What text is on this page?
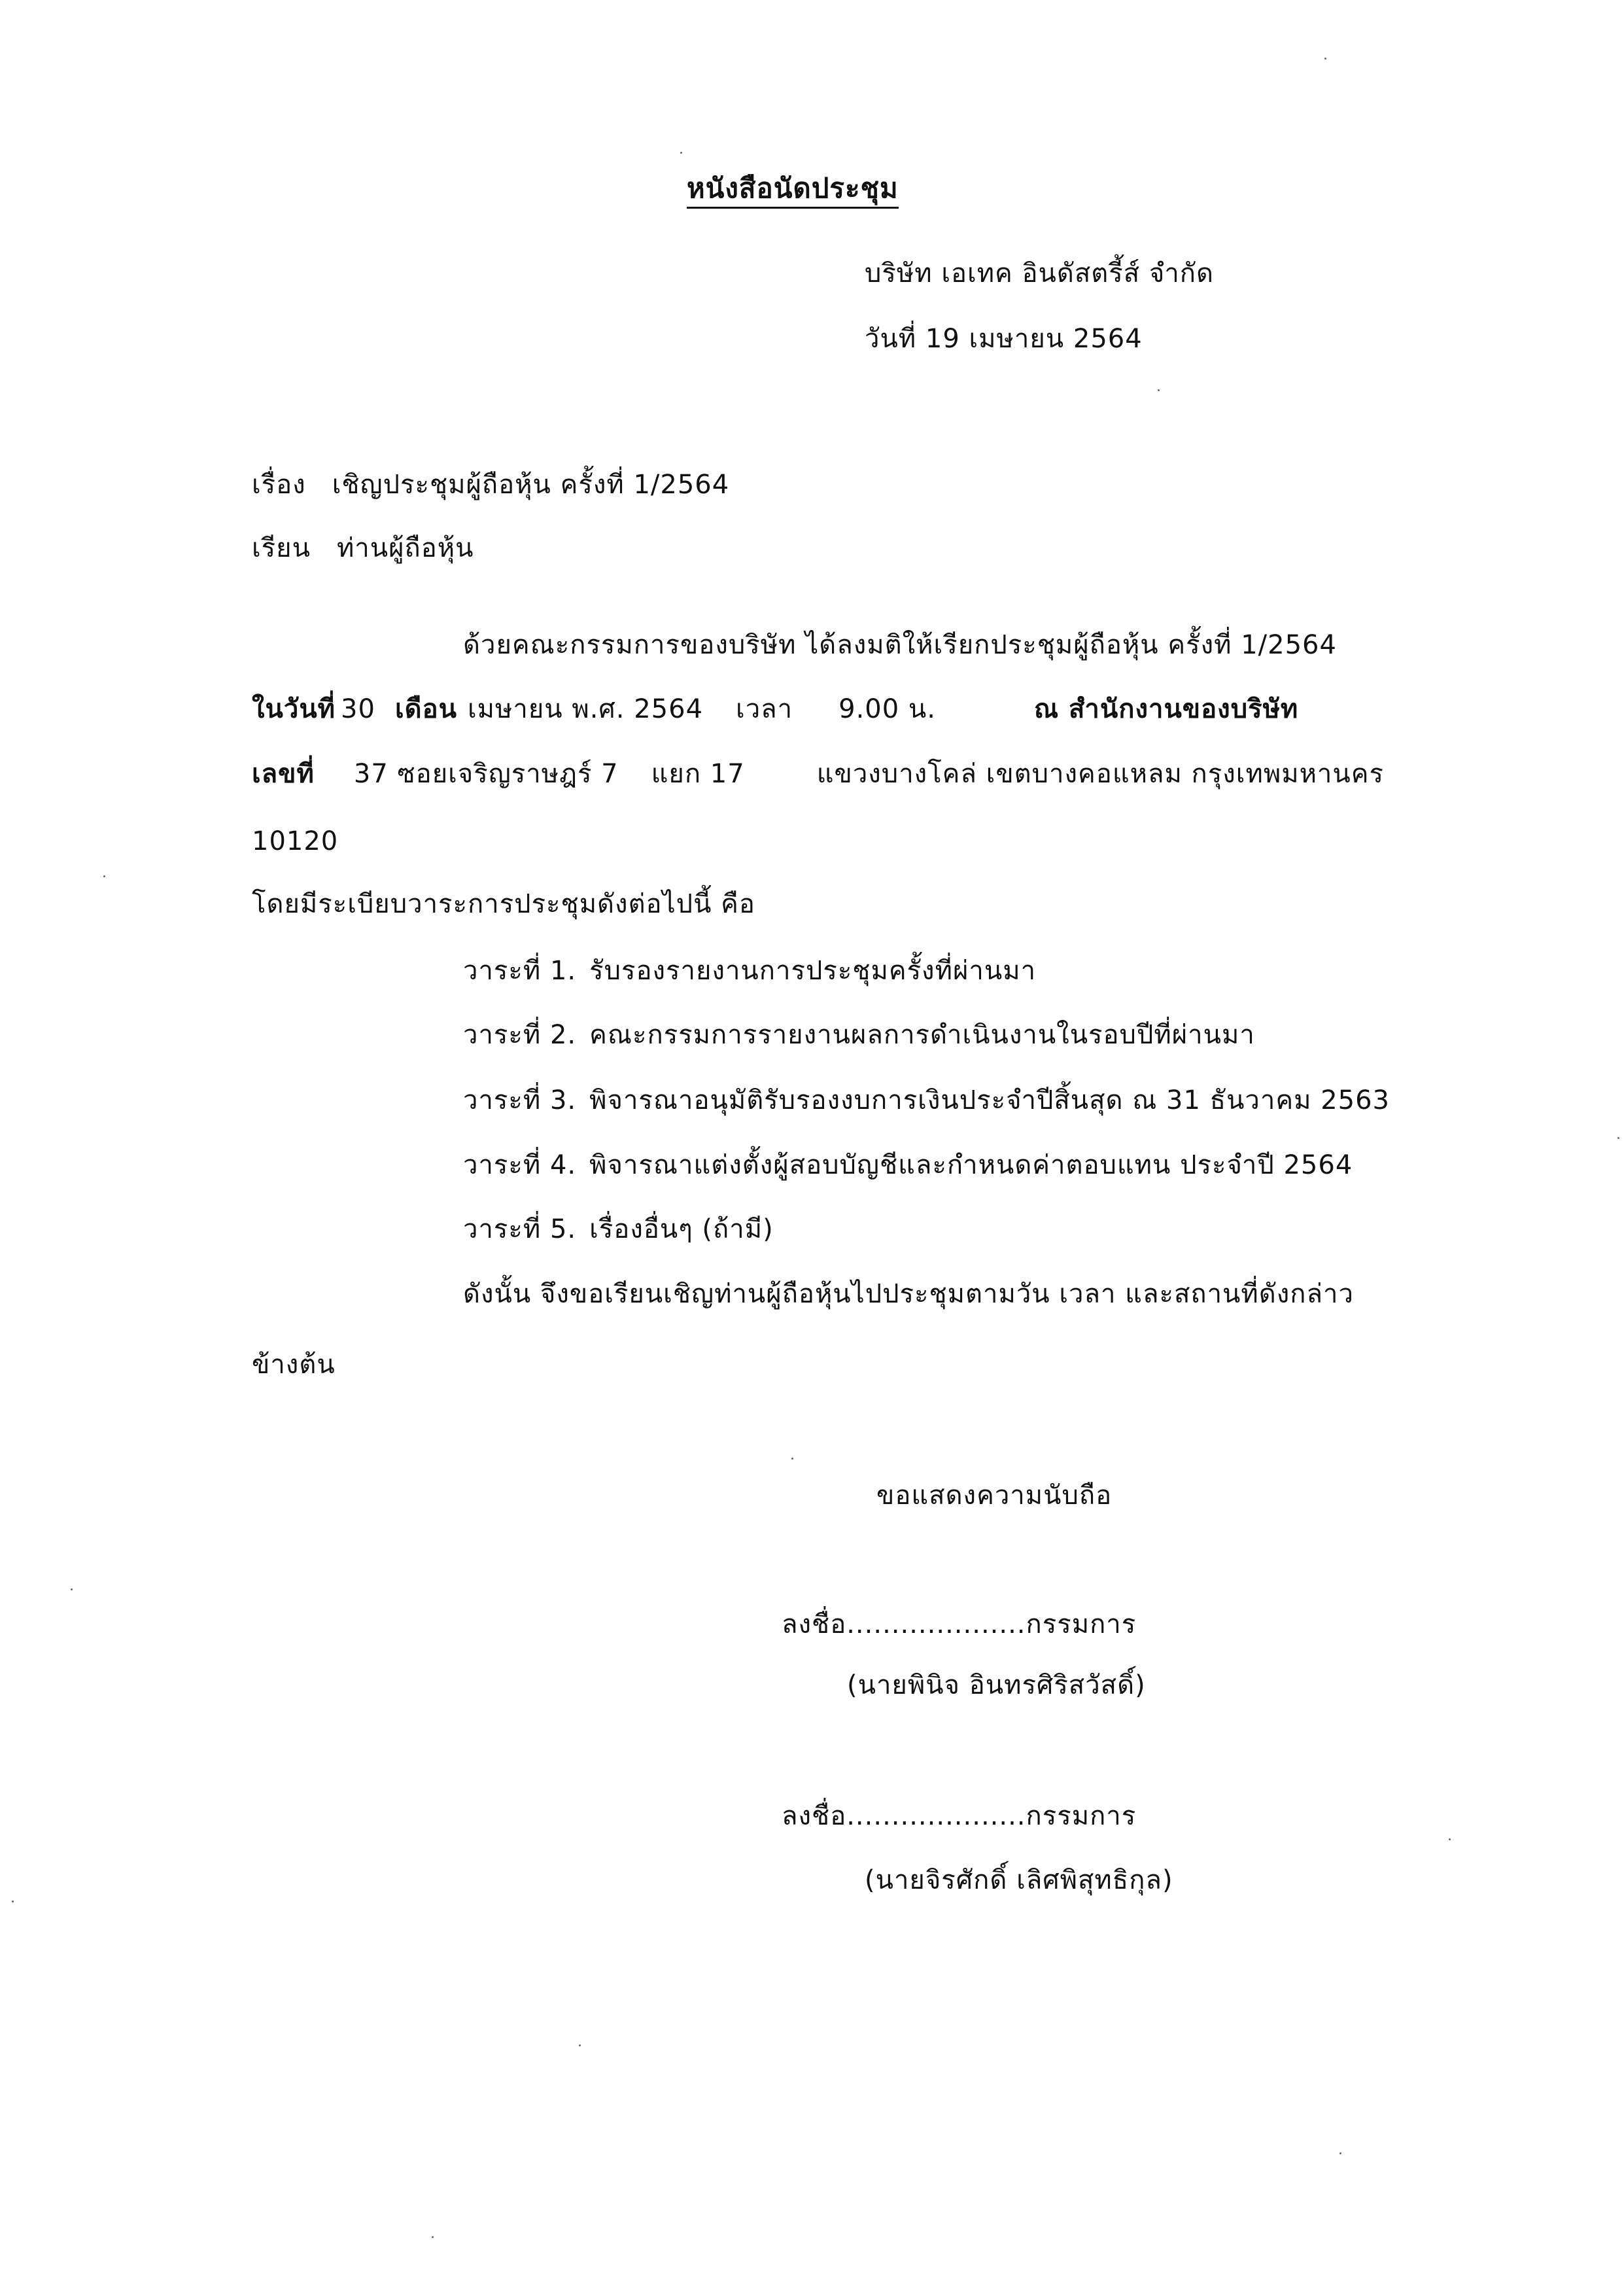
หนังสือนัดประชุม
บริษัท เอเทค อินดัสตรี้ส์ จำกัด
วันที่ 19 เมษายน 2564
เรื่อง เชิญประชุมผู้ถือหุ้น ครั้งที่ 1/2564
เรียน ท่านผู้ถือหุ้น
ด้วยคณะกรรมการของบริษัท ได้ลงมติให้เรียกประชุมผู้ถือหุ้น ครั้งที่ 1/2564
ในวันที่ 30 เดือน เมษายน พ.ศ. 2564 เวลา 9.00 น.	ณ สำนักงานของบริษัท
เลขที่ 37 ซอยเจริญราษฎร์ 7 แยก 17	แขวงบางโคล่ เขตบางคอแหลม กรุงเทพมหานคร
10120
โดยมีระเบียบวาระการประชุมดังต่อไปนี้ คือ
วาระที่ 1. รับรองรายงานการประชุมครั้งที่ผ่านมา
วาระที่ 2. คณะกรรมการรายงานผลการดำเนินงานในรอบปีที่ผ่านมา
วาระที่ 3. พิจารณาอนุมัติรับรองงบการเงินประจำปีสิ้นสุด ณ 31 ธันวาคม 2563
วาระที่ 4. พิจารณาแต่งตั้งผู้สอบบัญชีและกำหนดค่าตอบแทน ประจำปี 2564
วาระที่ 5. เรื่องอื่นๆ (ถ้ามี)
ดังนั้น จึงขอเรียนเชิญท่านผู้ถือหุ้นไปประชุมตามวัน เวลา และสถานที่ดังกล่าว
ข้างต้น
ขอแสดงความนับถือ
ลงชื่อ....................กรรมการ
(นายพินิจ อินทรศิริสวัสดิ์)
ลงชื่อ....................กรรมการ
(นายจิรศักดิ์ เลิศพิสุทธิกุล)
